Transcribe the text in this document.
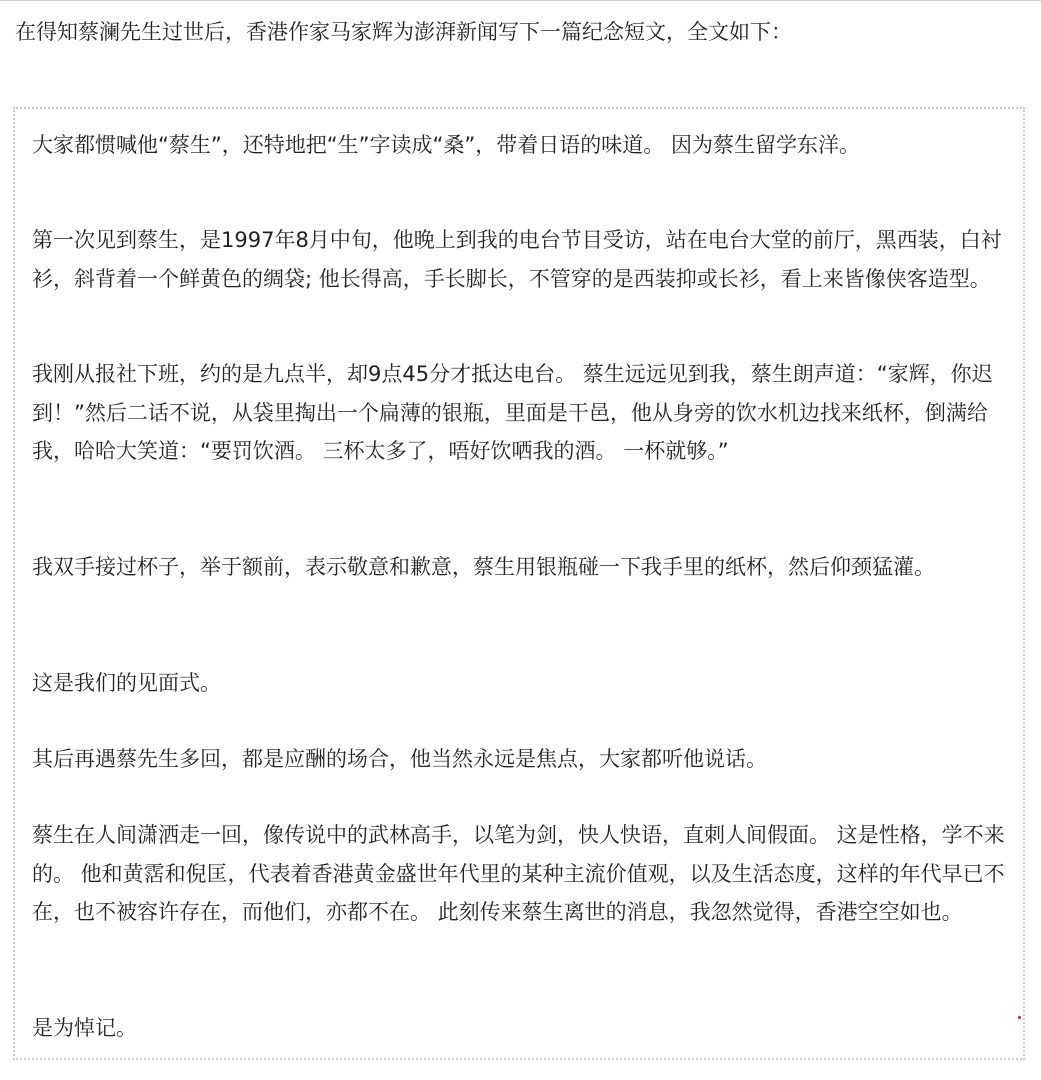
在得知蔡澜先生过世后，香港作家马家辉为澎湃新闻写下一篇纪念短文，全文如下：

大家都惯喊他“蔡生”，还特地把“生”字读成“桑”，带着日语的味道。 因为蔡生留学东洋。

第一次见到蔡生，是1997年8月中旬，他晚上到我的电台节目受访，站在电台大堂的前厅，黑西装，白衬衫，斜背着一个鲜黄色的绸袋; 他长得高，手长脚长，不管穿的是西装抑或长衫，看上来皆像侠客造型。

我刚从报社下班，约的是九点半，却9点45分才抵达电台。 蔡生远远见到我，蔡生朗声道：“家辉，你迟到！”然后二话不说，从袋里掏出一个扁薄的银瓶，里面是干邑，他从身旁的饮水机边找来纸杯，倒满给我，哈哈大笑道：“要罚饮酒。 三杯太多了，唔好饮哂我的酒。 一杯就够。”

我双手接过杯子，举于额前，表示敬意和歉意，蔡生用银瓶碰一下我手里的纸杯，然后仰颈猛灌。

这是我们的见面式。

其后再遇蔡先生多回，都是应酬的场合，他当然永远是焦点，大家都听他说话。

蔡生在人间潇洒走一回，像传说中的武林高手，以笔为剑，快人快语，直刺人间假面。 这是性格，学不来的。 他和黄霑和倪匡，代表着香港黄金盛世年代里的某种主流价值观，以及生活态度，这样的年代早已不在，也不被容许存在，而他们，亦都不在。 此刻传来蔡生离世的消息，我忽然觉得，香港空空如也。

是为悼记。
